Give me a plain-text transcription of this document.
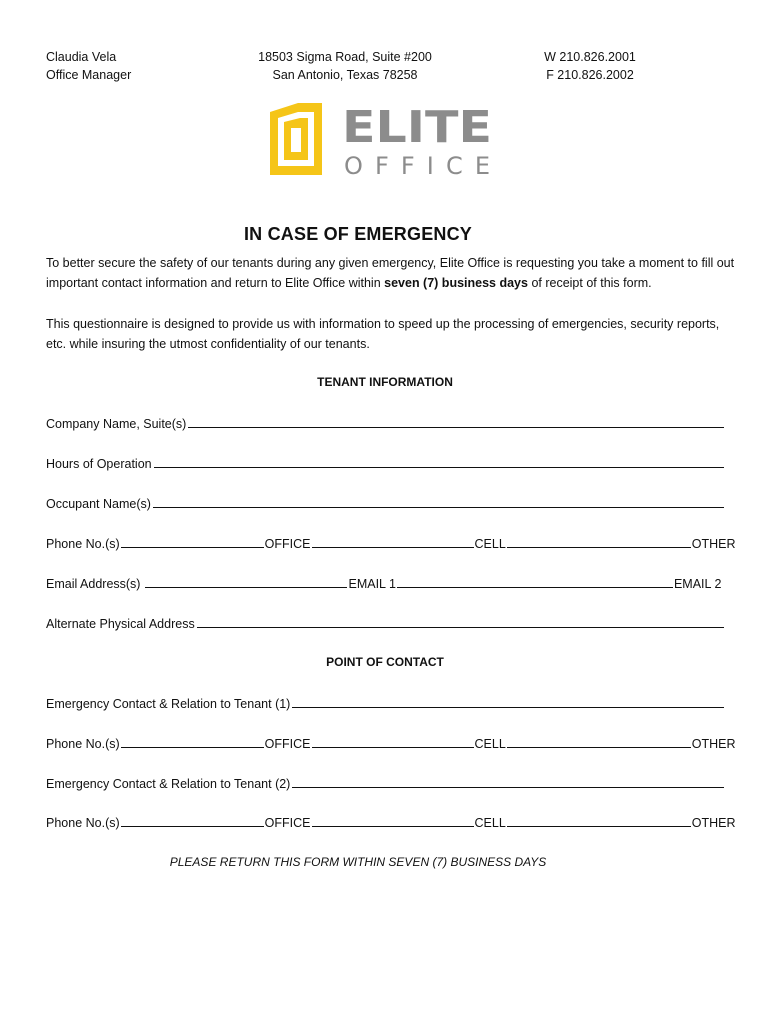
Claudia Vela
Office Manager
18503 Sigma Road, Suite #200
San Antonio, Texas 78258
W 210.826.2001
F 210.826.2002
ELITE
OFFICE
IN CASE OF EMERGENCY
To better secure the safety of our tenants during any given emergency, Elite Office is requesting you take a moment to fill out important contact information and return to Elite Office within seven (7) business days of receipt of this form.
This questionnaire is designed to provide us with information to speed up the processing of emergencies, security reports, etc. while insuring the utmost confidentiality of our tenants.
TENANT INFORMATION
Company Name, Suite(s)
Hours of Operation
Occupant Name(s)
Phone No.(s)	OFFICE	CELL	OTHER
Email Address(s)	EMAIL 1	EMAIL 2
Alternate Physical Address
POINT OF CONTACT
Emergency Contact & Relation to Tenant (1)
Phone No.(s)	OFFICE	CELL	OTHER
Emergency Contact & Relation to Tenant (2)
Phone No.(s)	OFFICE	CELL	OTHER
PLEASE RETURN THIS FORM WITHIN SEVEN (7) BUSINESS DAYS
